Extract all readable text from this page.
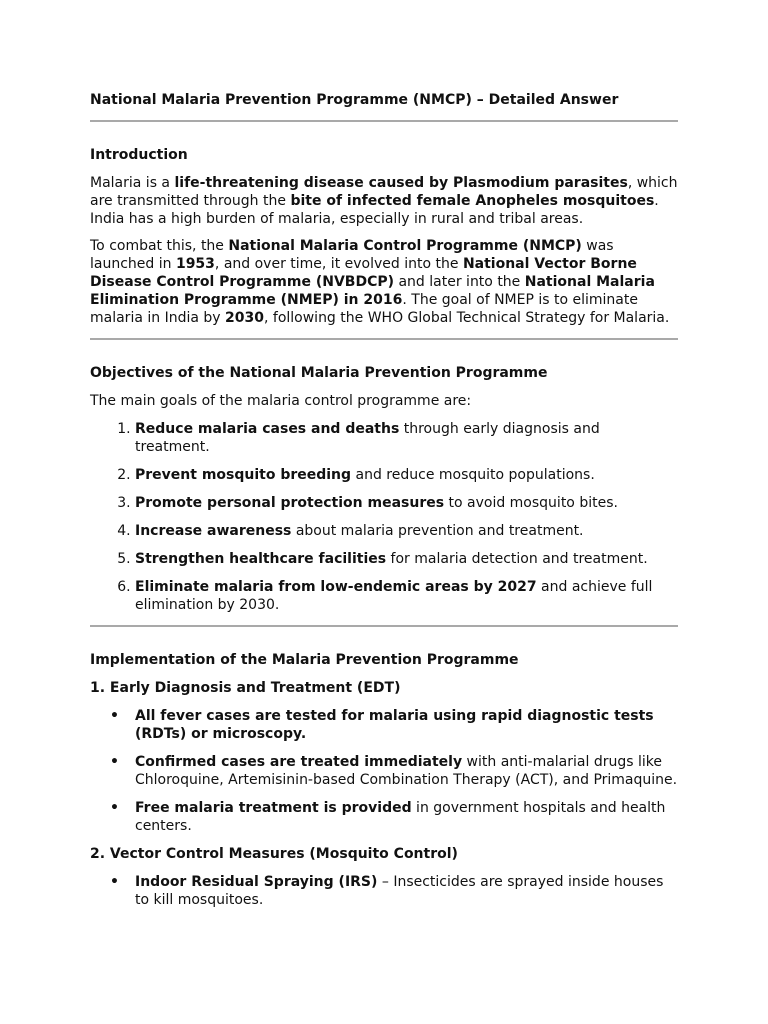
National Malaria Prevention Programme (NMCP) – Detailed Answer
Introduction

Malaria is a life-threatening disease caused by Plasmodium parasites, which are transmitted through the bite of infected female Anopheles mosquitoes. India has a high burden of malaria, especially in rural and tribal areas.

To combat this, the National Malaria Control Programme (NMCP) was launched in 1953, and over time, it evolved into the National Vector Borne Disease Control Programme (NVBDCP) and later into the National Malaria Elimination Programme (NMEP) in 2016. The goal of NMEP is to eliminate malaria in India by 2030, following the WHO Global Technical Strategy for Malaria.

Objectives of the National Malaria Prevention Programme

The main goals of the malaria control programme are:

1. Reduce malaria cases and deaths through early diagnosis and treatment.
2. Prevent mosquito breeding and reduce mosquito populations.
3. Promote personal protection measures to avoid mosquito bites.
4. Increase awareness about malaria prevention and treatment.
5. Strengthen healthcare facilities for malaria detection and treatment.
6. Eliminate malaria from low-endemic areas by 2027 and achieve full elimination by 2030.
Implementation of the Malaria Prevention Programme
1. Early Diagnosis and Treatment (EDT)
• All fever cases are tested for malaria using rapid diagnostic tests (RDTs) or microscopy.
• Confirmed cases are treated immediately with anti-malarial drugs like Chloroquine, Artemisinin-based Combination Therapy (ACT), and Primaquine.
• Free malaria treatment is provided in government hospitals and health centers.
2. Vector Control Measures (Mosquito Control)
• Indoor Residual Spraying (IRS) – Insecticides are sprayed inside houses to kill mosquitoes.
